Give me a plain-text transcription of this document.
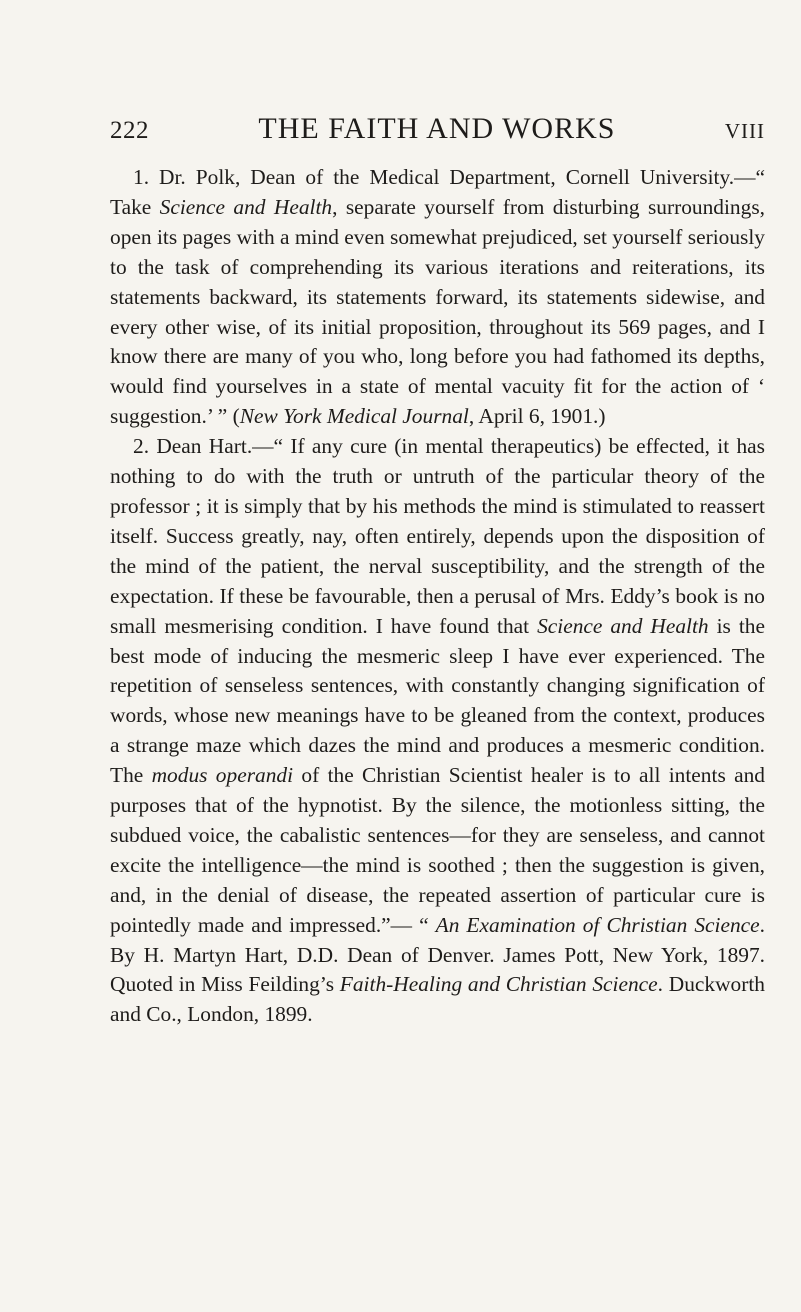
222	THE FAITH AND WORKS	VIII

1. Dr. Polk, Dean of the Medical Department, Cornell University.—“ Take Science and Health, separate yourself from disturbing surroundings, open its pages with a mind even somewhat prejudiced, set yourself seriously to the task of comprehending its various iterations and reiterations, its statements backward, its statements forward, its statements sidewise, and every other wise, of its initial proposition, throughout its 569 pages, and I know there are many of you who, long before you had fathomed its depths, would find yourselves in a state of mental vacuity fit for the action of ‘ suggestion.’ ” (New York Medical Journal, April 6, 1901.)

2. Dean Hart.—“ If any cure (in mental therapeutics) be effected, it has nothing to do with the truth or untruth of the particular theory of the professor ; it is simply that by his methods the mind is stimulated to reassert itself. Success greatly, nay, often entirely, depends upon the disposition of the mind of the patient, the nerval susceptibility, and the strength of the expectation. If these be favourable, then a perusal of Mrs. Eddy’s book is no small mesmerising condition. I have found that Science and Health is the best mode of inducing the mesmeric sleep I have ever experienced. The repetition of senseless sentences, with constantly changing signification of words, whose new meanings have to be gleaned from the context, produces a strange maze which dazes the mind and produces a mesmeric condition. The modus operandi of the Christian Scientist healer is to all intents and purposes that of the hypnotist. By the silence, the motionless sitting, the subdued voice, the cabalistic sentences—for they are senseless, and cannot excite the intelligence—the mind is soothed ; then the suggestion is given, and, in the denial of disease, the repeated assertion of particular cure is pointedly made and impressed.”— “ An Examination of Christian Science. By H. Martyn Hart, D.D. Dean of Denver. James Pott, New York, 1897. Quoted in Miss Feilding’s Faith-Healing and Christian Science. Duckworth and Co., London, 1899.
